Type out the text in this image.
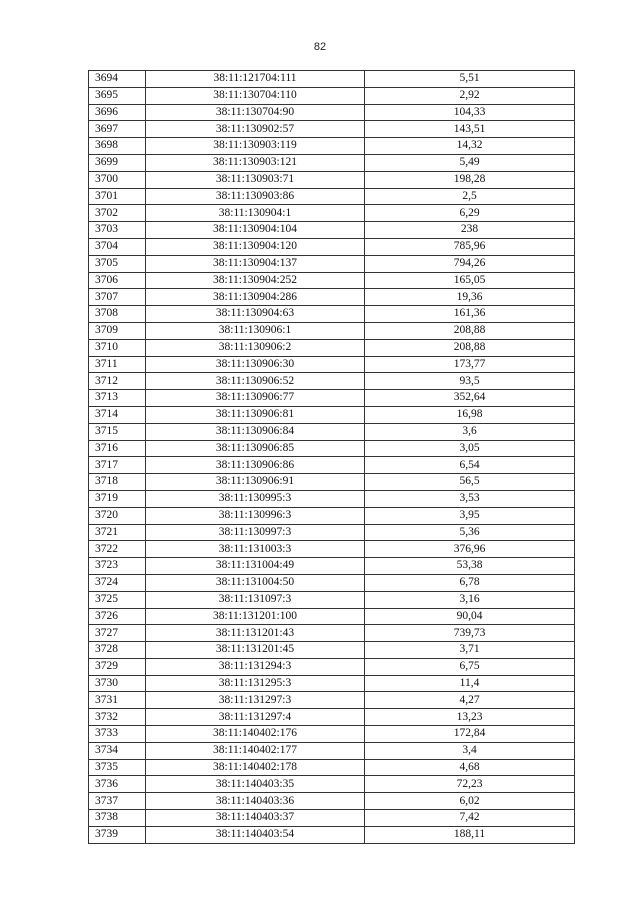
82
3694	38:11:121704:111	5,51
3695	38:11:130704:110	2,92
3696	38:11:130704:90	104,33
3697	38:11:130902:57	143,51
3698	38:11:130903:119	14,32
3699	38:11:130903:121	5,49
3700	38:11:130903:71	198,28
3701	38:11:130903:86	2,5
3702	38:11:130904:1	6,29
3703	38:11:130904:104	238
3704	38:11:130904:120	785,96
3705	38:11:130904:137	794,26
3706	38:11:130904:252	165,05
3707	38:11:130904:286	19,36
3708	38:11:130904:63	161,36
3709	38:11:130906:1	208,88
3710	38:11:130906:2	208,88
3711	38:11:130906:30	173,77
3712	38:11:130906:52	93,5
3713	38:11:130906:77	352,64
3714	38:11:130906:81	16,98
3715	38:11:130906:84	3,6
3716	38:11:130906:85	3,05
3717	38:11:130906:86	6,54
3718	38:11:130906:91	56,5
3719	38:11:130995:3	3,53
3720	38:11:130996:3	3,95
3721	38:11:130997:3	5,36
3722	38:11:131003:3	376,96
3723	38:11:131004:49	53,38
3724	38:11:131004:50	6,78
3725	38:11:131097:3	3,16
3726	38:11:131201:100	90,04
3727	38:11:131201:43	739,73
3728	38:11:131201:45	3,71
3729	38:11:131294:3	6,75
3730	38:11:131295:3	11,4
3731	38:11:131297:3	4,27
3732	38:11:131297:4	13,23
3733	38:11:140402:176	172,84
3734	38:11:140402:177	3,4
3735	38:11:140402:178	4,68
3736	38:11:140403:35	72,23
3737	38:11:140403:36	6,02
3738	38:11:140403:37	7,42
3739	38:11:140403:54	188,11
